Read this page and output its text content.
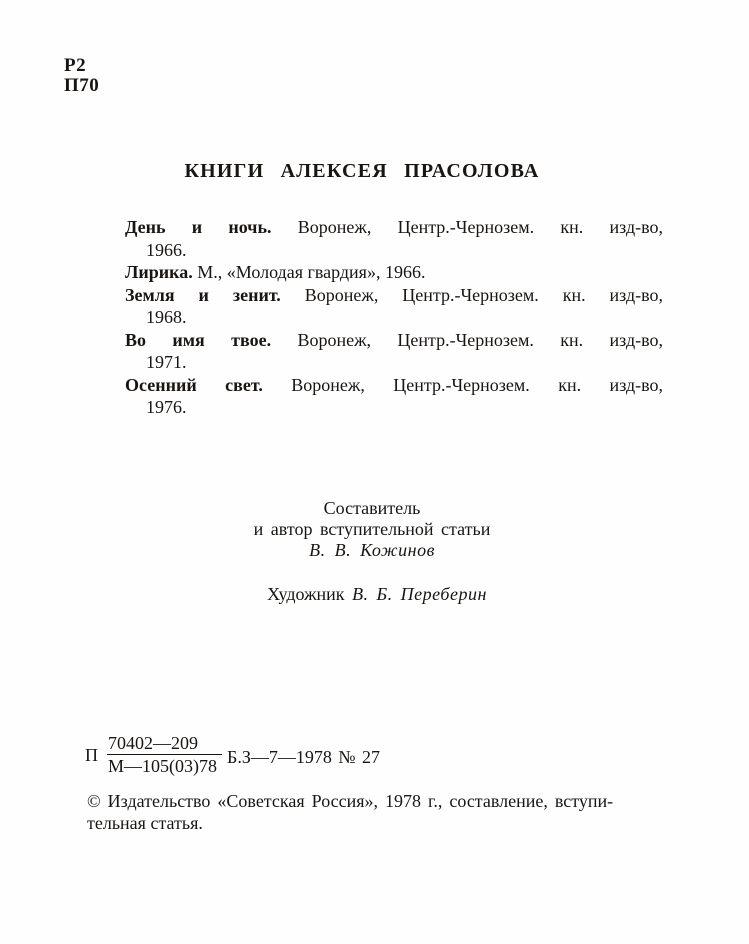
Р2
П70
КНИГИ АЛЕКСЕЯ ПРАСОЛОВА
День и ночь. Воронеж, Центр.-Чернозем. кн. изд-во,
1966.
Лирика. М., «Молодая гвардия», 1966.
Земля и зенит. Воронеж, Центр.-Чернозем. кн. изд-во,
1968.
Во имя твое. Воронеж, Центр.-Чернозем. кн. изд-во,
1971.
Осенний свет. Воронеж, Центр.-Чернозем. кн. изд-во,
1976.
Составитель
и автор вступительной статьи
В. В. Кожинов
Художник В. Б. Переберин
П $\frac{70402—209}{М—105(03)78}$ Б.З—7—1978 № 27
© Издательство «Советская Россия», 1978 г., составление, вступи-
тельная статья.
